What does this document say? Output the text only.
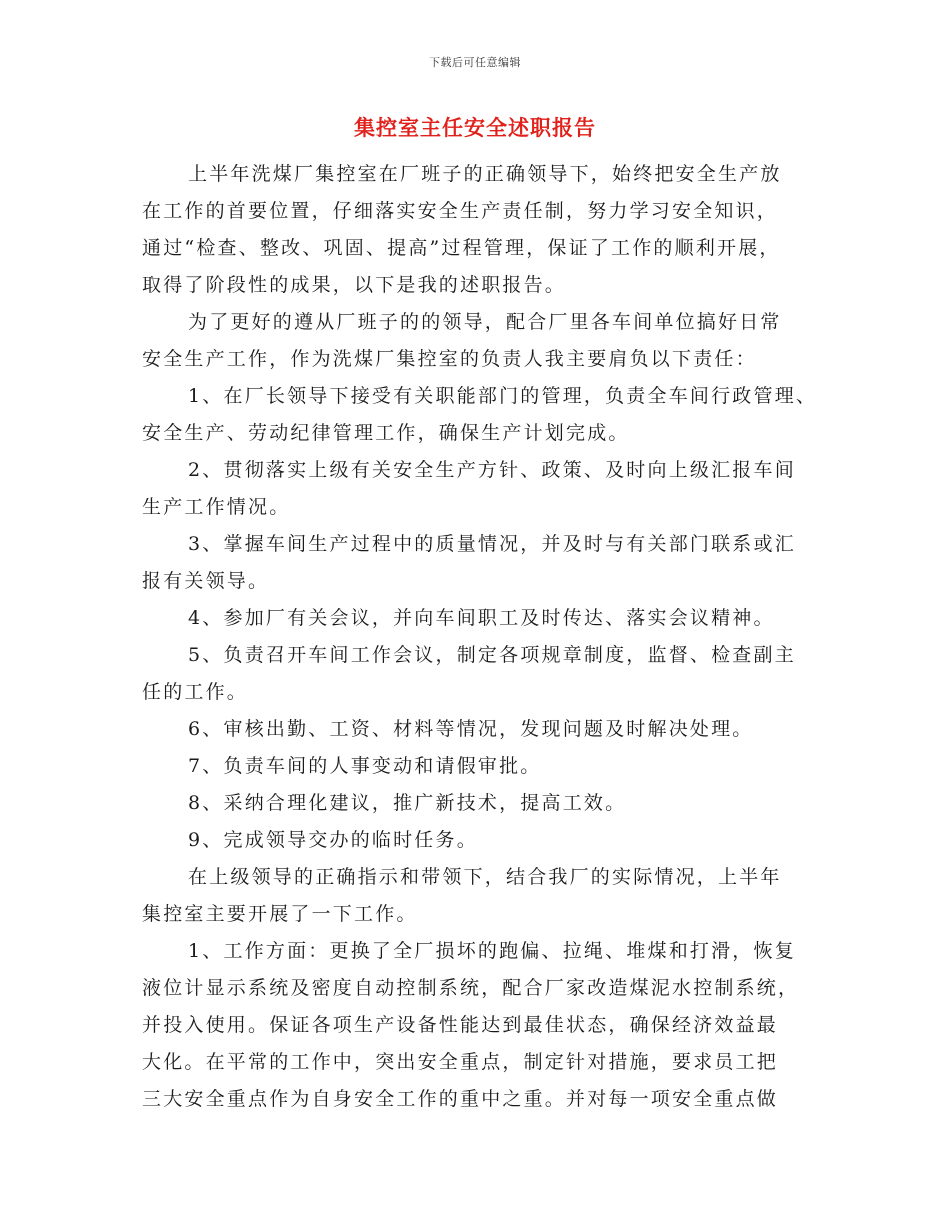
下载后可任意编辑
集控室主任安全述职报告
上半年洗煤厂集控室在厂班子的正确领导下，始终把安全生产放
在工作的首要位置，仔细落实安全生产责任制，努力学习安全知识，
通过“检查、整改、巩固、提高”过程管理，保证了工作的顺利开展，
取得了阶段性的成果，以下是我的述职报告。
为了更好的遵从厂班子的的领导，配合厂里各车间单位搞好日常
安全生产工作，作为洗煤厂集控室的负责人我主要肩负以下责任：
1、在厂长领导下接受有关职能部门的管理，负责全车间行政管理、
安全生产、劳动纪律管理工作，确保生产计划完成。
2、贯彻落实上级有关安全生产方针、政策、及时向上级汇报车间
生产工作情况。
3、掌握车间生产过程中的质量情况，并及时与有关部门联系或汇
报有关领导。
4、参加厂有关会议，并向车间职工及时传达、落实会议精神。
5、负责召开车间工作会议，制定各项规章制度，监督、检查副主
任的工作。
6、审核出勤、工资、材料等情况，发现问题及时解决处理。
7、负责车间的人事变动和请假审批。
8、采纳合理化建议，推广新技术，提高工效。
9、完成领导交办的临时任务。
在上级领导的正确指示和带领下，结合我厂的实际情况，上半年
集控室主要开展了一下工作。
1、工作方面：更换了全厂损坏的跑偏、拉绳、堆煤和打滑，恢复
液位计显示系统及密度自动控制系统，配合厂家改造煤泥水控制系统，
并投入使用。保证各项生产设备性能达到最佳状态，确保经济效益最
大化。在平常的工作中，突出安全重点，制定针对措施，要求员工把
三大安全重点作为自身安全工作的重中之重。并对每一项安全重点做
